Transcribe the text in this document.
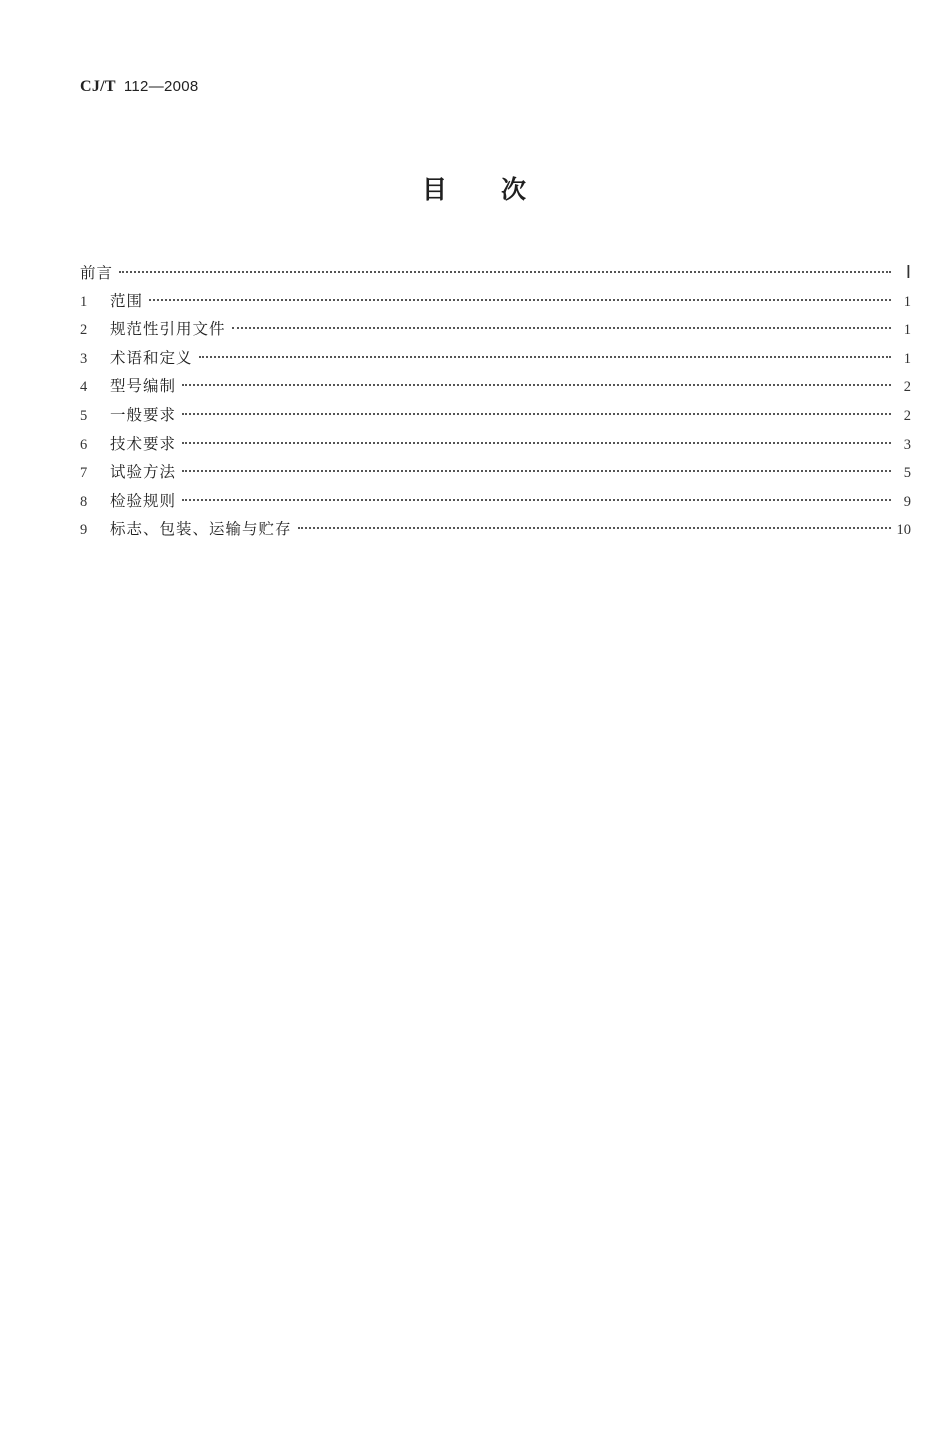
CJ/T 112—2008
目 次
前言	Ⅰ
1	范围	1
2	规范性引用文件	1
3	术语和定义	1
4	型号编制	2
5	一般要求	2
6	技术要求	3
7	试验方法	5
8	检验规则	9
9	标志、包装、运输与贮存	10
